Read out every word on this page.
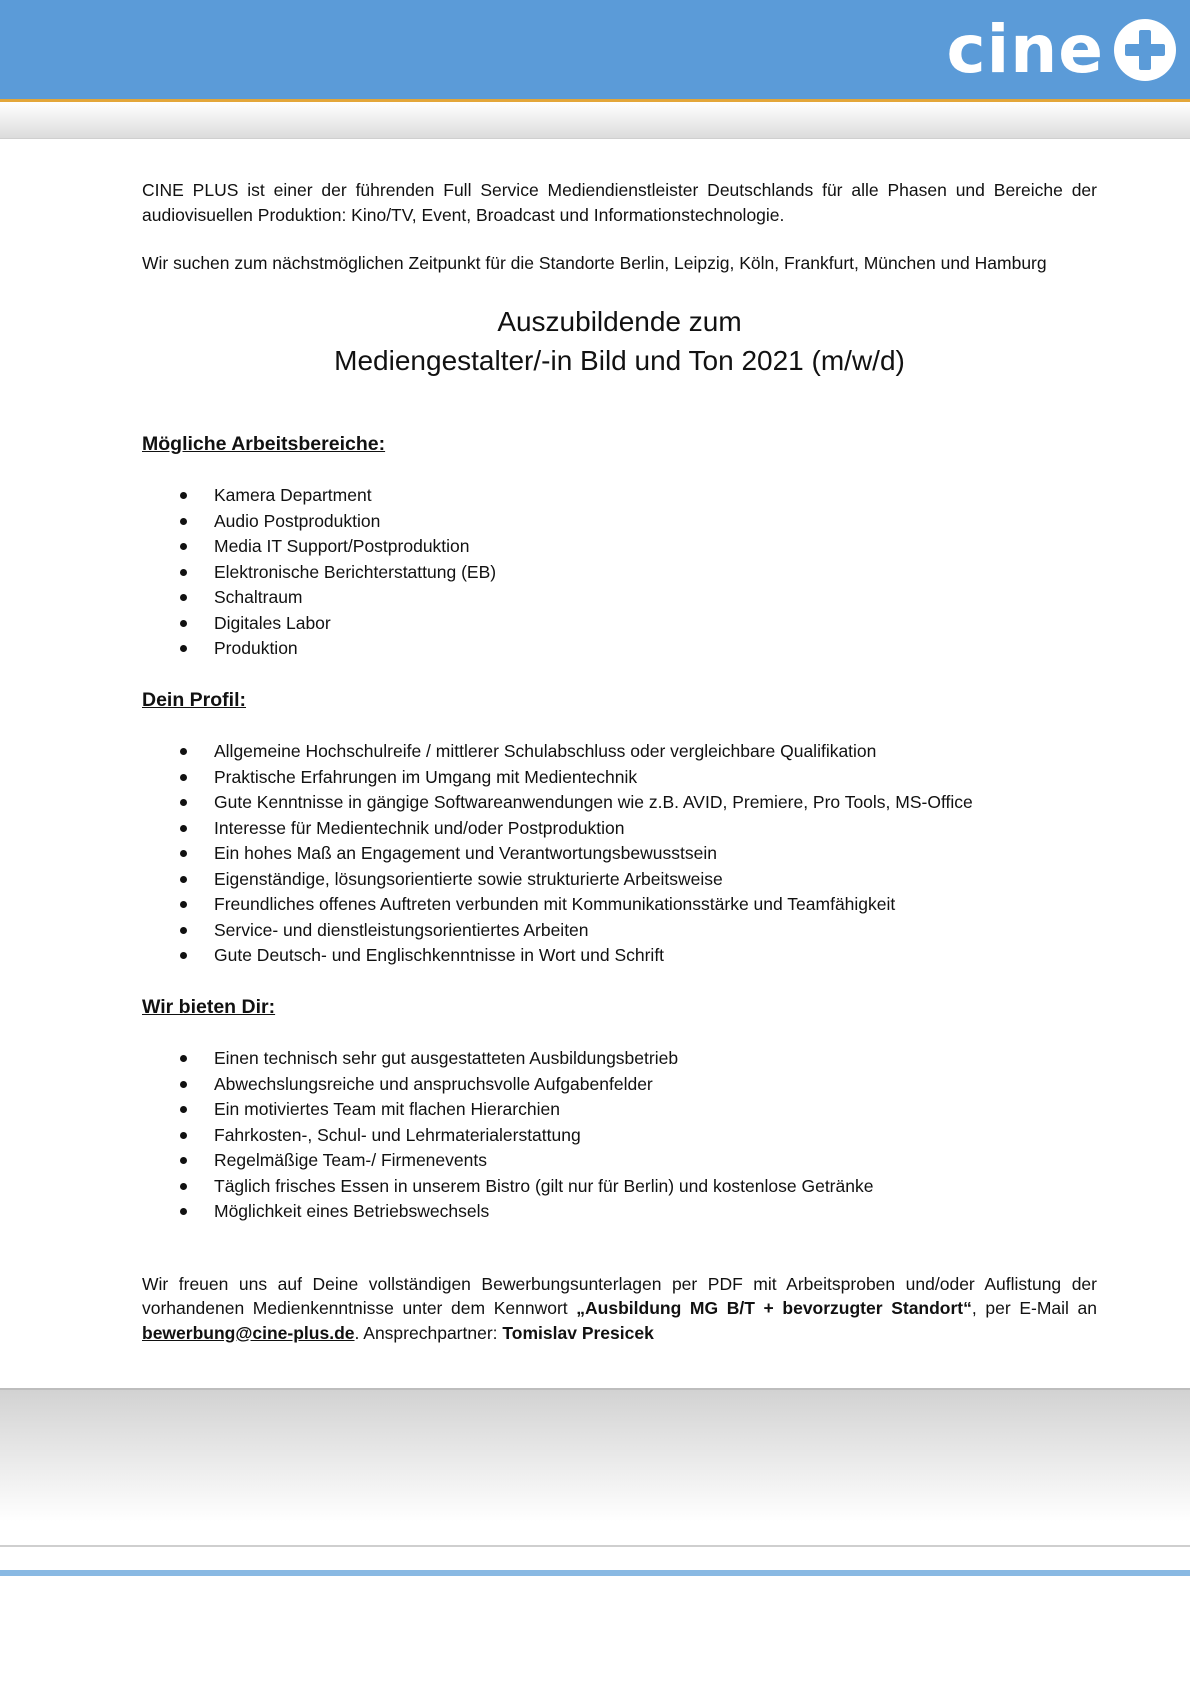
cine

CINE PLUS ist einer der führenden Full Service Mediendienstleister Deutschlands für alle Phasen und Bereiche der audiovisuellen Produktion: Kino/TV, Event, Broadcast und Informationstechnologie.

Wir suchen zum nächstmöglichen Zeitpunkt für die Standorte Berlin, Leipzig, Köln, Frankfurt, München und Hamburg

Auszubildende zum
Mediengestalter/-in Bild und Ton 2021 (m/w/d)
Mögliche Arbeitsbereiche:
Kamera Department
Audio Postproduktion
Media IT Support/Postproduktion
Elektronische Berichterstattung (EB)
Schaltraum
Digitales Labor
Produktion
Dein Profil:
Allgemeine Hochschulreife / mittlerer Schulabschluss oder vergleichbare Qualifikation
Praktische Erfahrungen im Umgang mit Medientechnik
Gute Kenntnisse in gängige Softwareanwendungen wie z.B. AVID, Premiere, Pro Tools, MS-Office
Interesse für Medientechnik und/oder Postproduktion
Ein hohes Maß an Engagement und Verantwortungsbewusstsein
Eigenständige, lösungsorientierte sowie strukturierte Arbeitsweise
Freundliches offenes Auftreten verbunden mit Kommunikationsstärke und Teamfähigkeit
Service- und dienstleistungsorientiertes Arbeiten
Gute Deutsch- und Englischkenntnisse in Wort und Schrift
Wir bieten Dir:
Einen technisch sehr gut ausgestatteten Ausbildungsbetrieb
Abwechslungsreiche und anspruchsvolle Aufgabenfelder
Ein motiviertes Team mit flachen Hierarchien
Fahrkosten-, Schul- und Lehrmaterialerstattung
Regelmäßige Team-/ Firmenevents
Täglich frisches Essen in unserem Bistro (gilt nur für Berlin) und kostenlose Getränke
Möglichkeit eines Betriebswechsels

Wir freuen uns auf Deine vollständigen Bewerbungsunterlagen per PDF mit Arbeitsproben und/oder Auflistung der vorhandenen Medienkenntnisse unter dem Kennwort „Ausbildung MG B/T + bevorzugter Standort“, per E-Mail an bewerbung@cine-plus.de. Ansprechpartner: Tomislav Presicek
